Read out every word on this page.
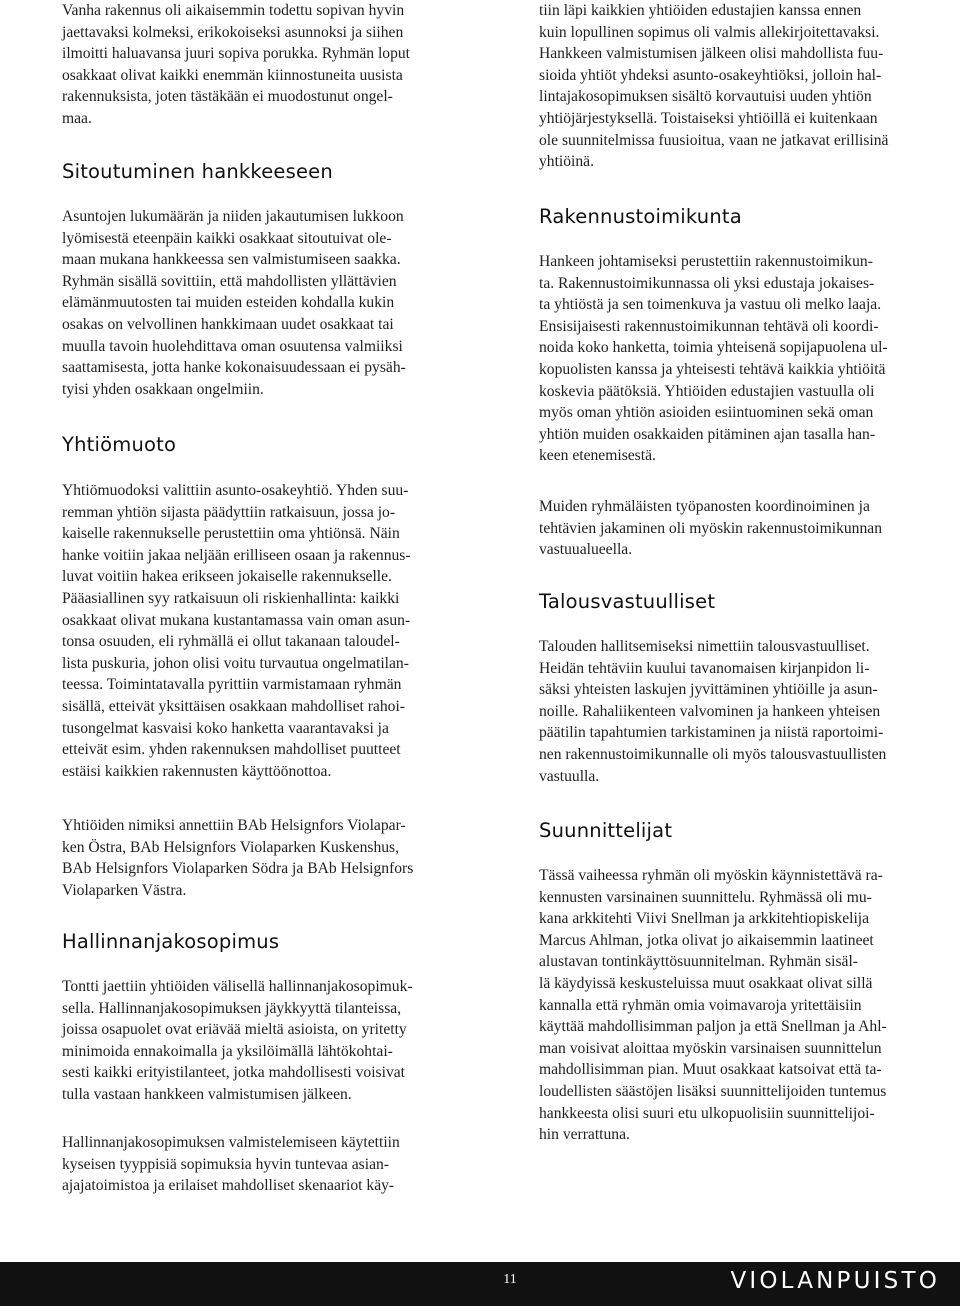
Vanha rakennus oli aikaisemmin todettu sopivan hyvin
jaettavaksi kolmeksi, erikokoiseksi asunnoksi ja siihen
ilmoitti haluavansa juuri sopiva porukka. Ryhmän loput
osakkaat olivat kaikki enemmän kiinnostuneita uusista
rakennuksista, joten tästäkään ei muodostunut ongel-
maa.

Sitoutuminen hankkeeseen

Asuntojen lukumäärän ja niiden jakautumisen lukkoon
lyömisestä eteenpäin kaikki osakkaat sitoutuivat ole-
maan mukana hankkeessa sen valmistumiseen saakka.
Ryhmän sisällä sovittiin, että mahdollisten yllättävien
elämänmuutosten tai muiden esteiden kohdalla kukin
osakas on velvollinen hankkimaan uudet osakkaat tai
muulla tavoin huolehdittava oman osuutensa valmiiksi
saattamisesta, jotta hanke kokonaisuudessaan ei pysäh-
tyisi yhden osakkaan ongelmiin.

Yhtiömuoto

Yhtiömuodoksi valittiin asunto-osakeyhtiö. Yhden suu-
remman yhtiön sijasta päädyttiin ratkaisuun, jossa jo-
kaiselle rakennukselle perustettiin oma yhtiönsä. Näin
hanke voitiin jakaa neljään erilliseen osaan ja rakennus-
luvat voitiin hakea erikseen jokaiselle rakennukselle.
Pääasiallinen syy ratkaisuun oli riskienhallinta: kaikki
osakkaat olivat mukana kustantamassa vain oman asun-
tonsa osuuden, eli ryhmällä ei ollut takanaan taloudel-
lista puskuria, johon olisi voitu turvautua ongelmatilan-
teessa. Toimintatavalla pyrittiin varmistamaan ryhmän
sisällä, etteivät yksittäisen osakkaan mahdolliset rahoi-
tusongelmat kasvaisi koko hanketta vaarantavaksi ja
etteivät esim. yhden rakennuksen mahdolliset puutteet
estäisi kaikkien rakennusten käyttöönottoa.

Yhtiöiden nimiksi annettiin BAb Helsignfors Violapar-
ken Östra, BAb Helsignfors Violaparken Kuskenshus,
BAb Helsignfors Violaparken Södra ja BAb Helsignfors
Violaparken Västra.

Hallinnanjakosopimus

Tontti jaettiin yhtiöiden välisellä hallinnanjakosopimuk-
sella. Hallinnanjakosopimuksen jäykkyyttä tilanteissa,
joissa osapuolet ovat eriävää mieltä asioista, on yritetty
minimoida ennakoimalla ja yksilöimällä lähtökohtai-
sesti kaikki erityistilanteet, jotka mahdollisesti voisivat
tulla vastaan hankkeen valmistumisen jälkeen.

Hallinnanjakosopimuksen valmistelemiseen käytettiin
kyseisen tyyppisiä sopimuksia hyvin tuntevaa asian-
ajajatoimistoa ja erilaiset mahdolliset skenaariot käy-

tiin läpi kaikkien yhtiöiden edustajien kanssa ennen
kuin lopullinen sopimus oli valmis allekirjoitettavaksi.
Hankkeen valmistumisen jälkeen olisi mahdollista fuu-
sioida yhtiöt yhdeksi asunto-osakeyhtiöksi, jolloin hal-
lintajakosopimuksen sisältö korvautuisi uuden yhtiön
yhtiöjärjestyksellä. Toistaiseksi yhtiöillä ei kuitenkaan
ole suunnitelmissa fuusioitua, vaan ne jatkavat erillisinä
yhtiöinä.

Rakennustoimikunta

Hankeen johtamiseksi perustettiin rakennustoimikun-
ta. Rakennustoimikunnassa oli yksi edustaja jokaises-
ta yhtiöstä ja sen toimenkuva ja vastuu oli melko laaja.
Ensisijaisesti rakennustoimikunnan tehtävä oli koordi-
noida koko hanketta, toimia yhteisenä sopijapuolena ul-
kopuolisten kanssa ja yhteisesti tehtävä kaikkia yhtiöitä
koskevia päätöksiä. Yhtiöiden edustajien vastuulla oli
myös oman yhtiön asioiden esiintuominen sekä oman
yhtiön muiden osakkaiden pitäminen ajan tasalla han-
keen etenemisestä.

Muiden ryhmäläisten työpanosten koordinoiminen ja
tehtävien jakaminen oli myöskin rakennustoimikunnan
vastuualueella.

Talousvastuulliset

Talouden hallitsemiseksi nimettiin talousvastuulliset.
Heidän tehtäviin kuului tavanomaisen kirjanpidon li-
säksi yhteisten laskujen jyvittäminen yhtiöille ja asun-
noille. Rahaliikenteen valvominen ja hankeen yhteisen
päätilin tapahtumien tarkistaminen ja niistä raportoimi-
nen rakennustoimikunnalle oli myös talousvastuullisten
vastuulla.

Suunnittelijat

Tässä vaiheessa ryhmän oli myöskin käynnistettävä ra-
kennusten varsinainen suunnittelu. Ryhmässä oli mu-
kana arkkitehti Viivi Snellman ja arkkitehtiopiskelija
Marcus Ahlman, jotka olivat jo aikaisemmin laatineet
alustavan tontinkäyttösuunnitelman. Ryhmän sisäl-
lä käydyissä keskusteluissa muut osakkaat olivat sillä
kannalla että ryhmän omia voimavaroja yritettäisiin
käyttää mahdollisimman paljon ja että Snellman ja Ahl-
man voisivat aloittaa myöskin varsinaisen suunnittelun
mahdollisimman pian. Muut osakkaat katsoivat että ta-
loudellisten säästöjen lisäksi suunnittelijoiden tuntemus
hankkeesta olisi suuri etu ulkopuolisiin suunnittelijoi-
hin verrattuna.

11	VIOLANPUISTO
